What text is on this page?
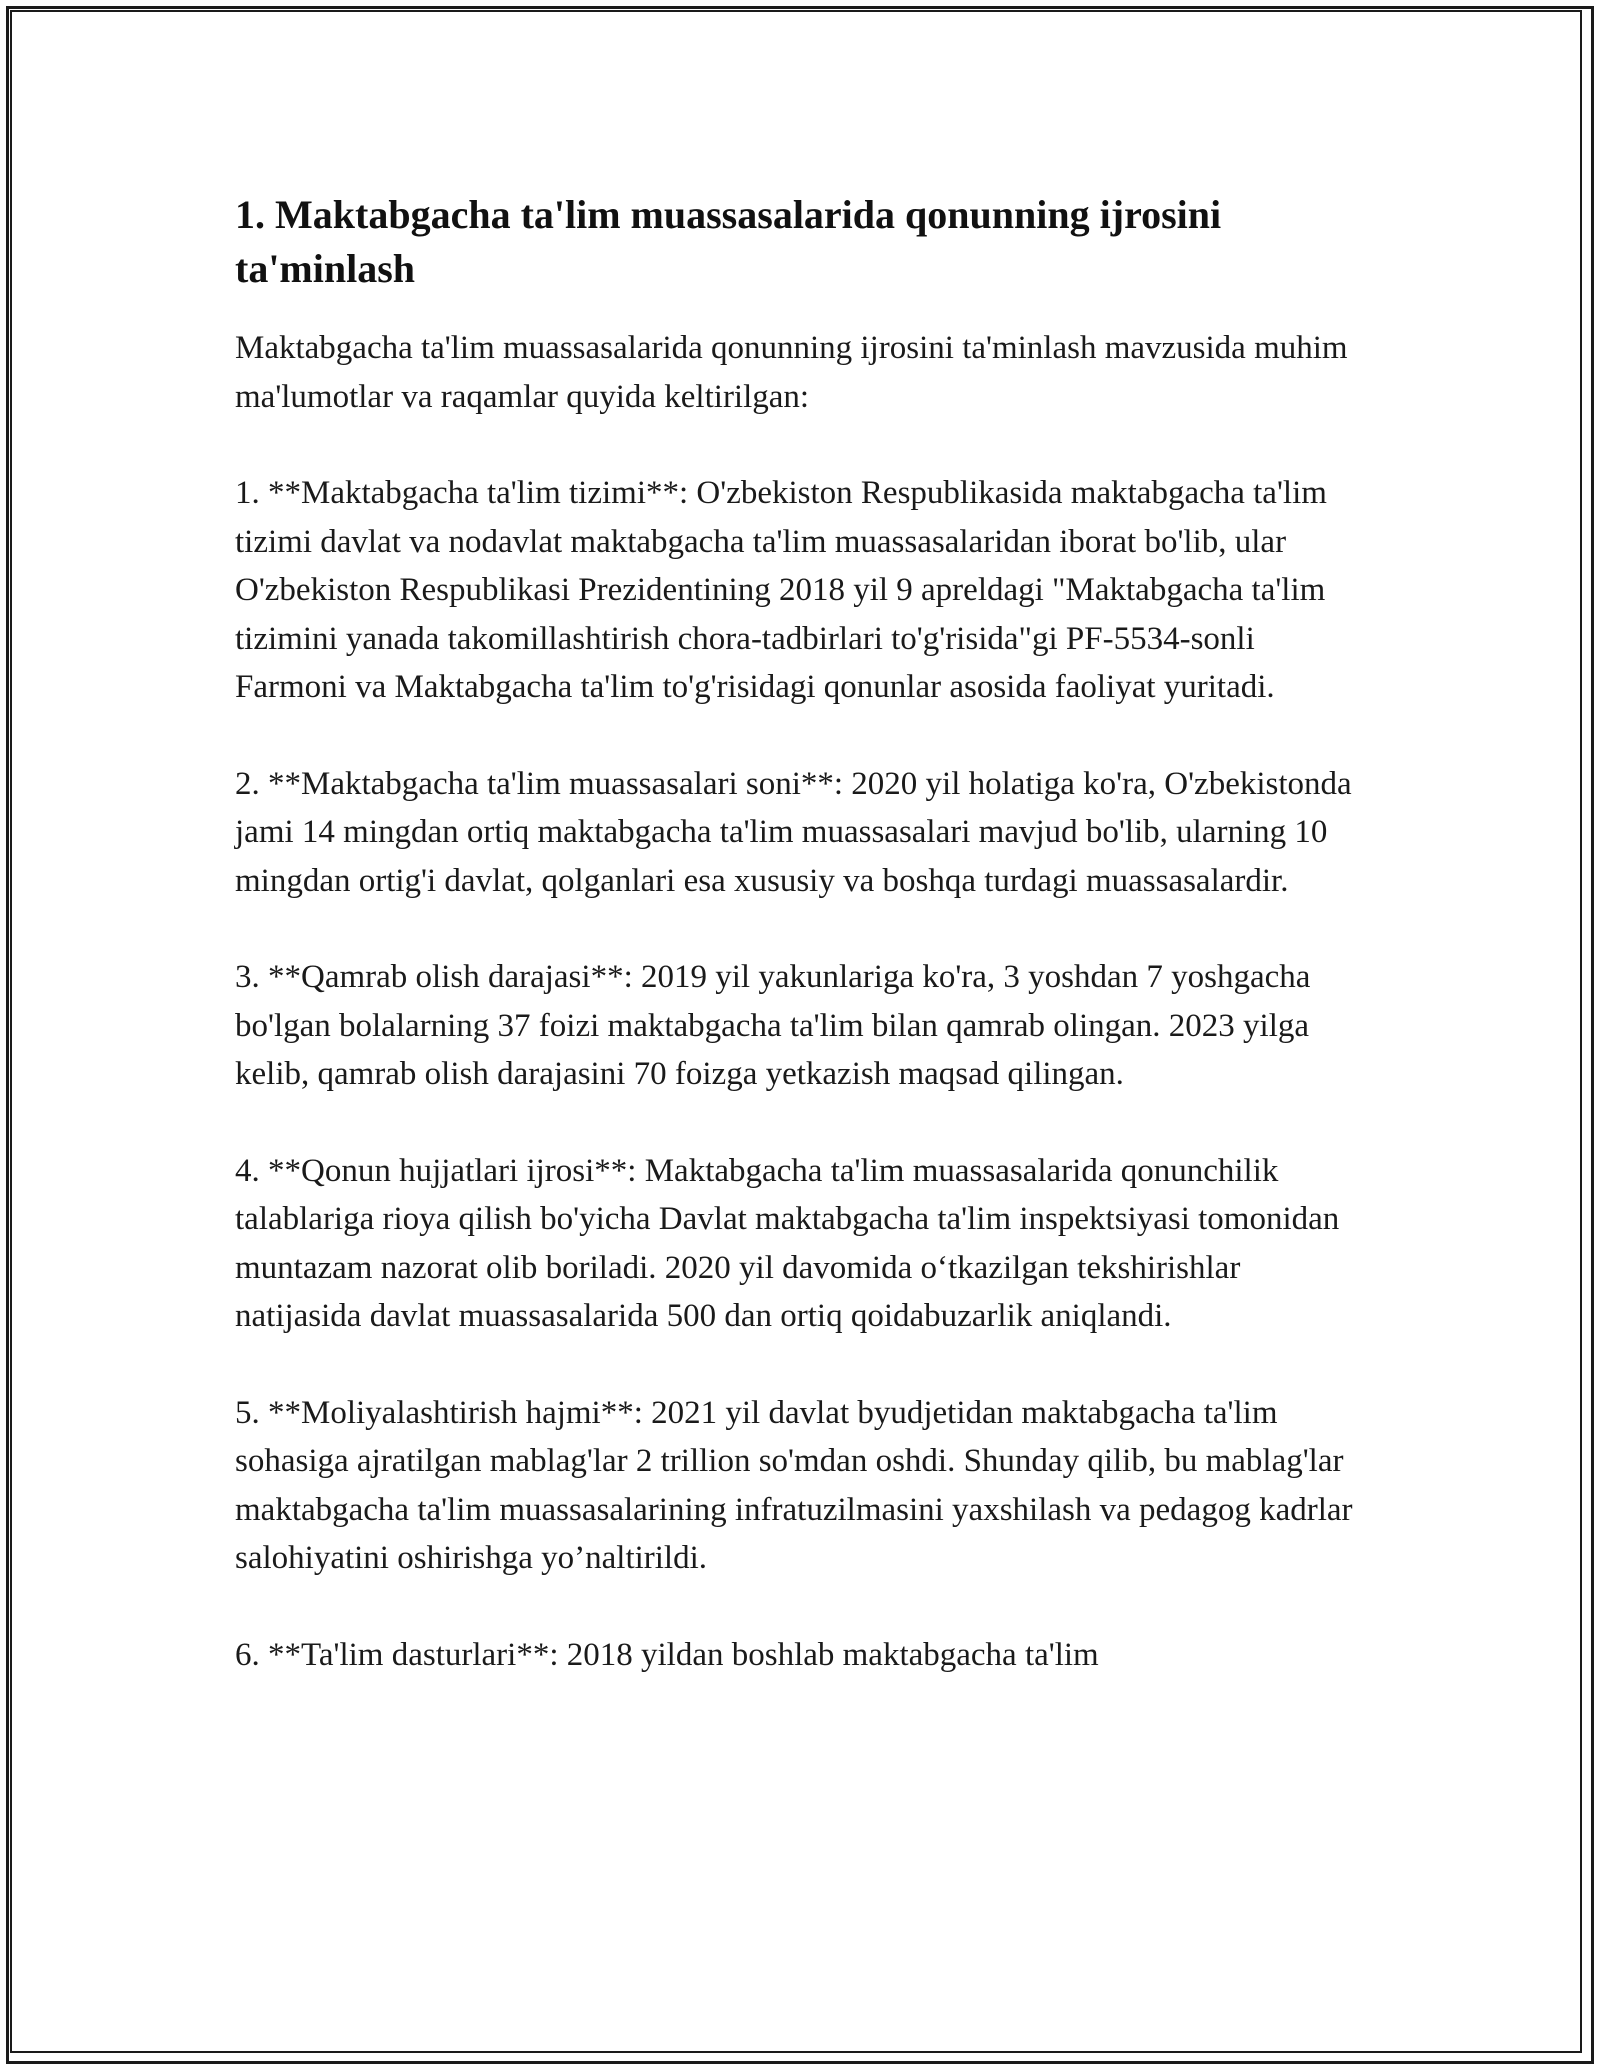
1. Maktabgacha ta'lim muassasalarida qonunning ijrosini ta'minlash

Maktabgacha ta'lim muassasalarida qonunning ijrosini ta'minlash mavzusida muhim ma'lumotlar va raqamlar quyida keltirilgan:

1. **Maktabgacha ta'lim tizimi**: O'zbekiston Respublikasida maktabgacha ta'lim tizimi davlat va nodavlat maktabgacha ta'lim muassasalaridan iborat bo'lib, ular O'zbekiston Respublikasi Prezidentining 2018 yil 9 apreldagi "Maktabgacha ta'lim tizimini yanada takomillashtirish chora-tadbirlari to'g'risida"gi PF-5534-sonli Farmoni va Maktabgacha ta'lim to'g'risidagi qonunlar asosida faoliyat yuritadi.

2. **Maktabgacha ta'lim muassasalari soni**: 2020 yil holatiga ko'ra, O'zbekistonda jami 14 mingdan ortiq maktabgacha ta'lim muassasalari mavjud bo'lib, ularning 10 mingdan ortig'i davlat, qolganlari esa xususiy va boshqa turdagi muassasalardir.

3. **Qamrab olish darajasi**: 2019 yil yakunlariga ko'ra, 3 yoshdan 7 yoshgacha bo'lgan bolalarning 37 foizi maktabgacha ta'lim bilan qamrab olingan. 2023 yilga kelib, qamrab olish darajasini 70 foizga yetkazish maqsad qilingan.

4. **Qonun hujjatlari ijrosi**: Maktabgacha ta'lim muassasalarida qonunchilik talablariga rioya qilish bo'yicha Davlat maktabgacha ta'lim inspektsiyasi tomonidan muntazam nazorat olib boriladi. 2020 yil davomida o‘tkazilgan tekshirishlar natijasida davlat muassasalarida 500 dan ortiq qoidabuzarlik aniqlandi.

5. **Moliyalashtirish hajmi**: 2021 yil davlat byudjetidan maktabgacha ta'lim sohasiga ajratilgan mablag'lar 2 trillion so'mdan oshdi. Shunday qilib, bu mablag'lar maktabgacha ta'lim muassasalarining infratuzilmasini yaxshilash va pedagog kadrlar salohiyatini oshirishga yo’naltirildi.

6. **Ta'lim dasturlari**: 2018 yildan boshlab maktabgacha ta'lim
